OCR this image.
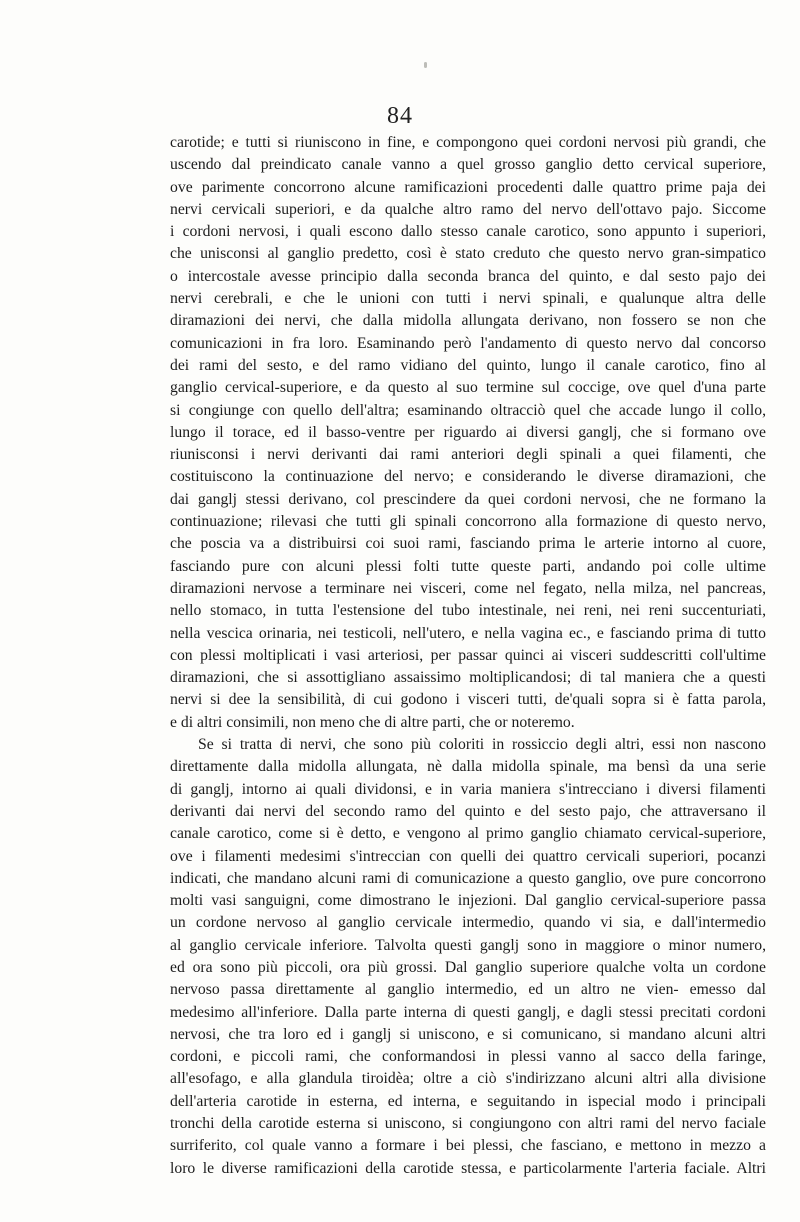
84
carotide; e tutti si riuniscono in fine, e compongono quei cordoni nervosi più grandi, che
uscendo dal preindicato canale vanno a quel grosso ganglio detto cervical superiore,
ove parimente concorrono alcune ramificazioni procedenti dalle quattro prime paja dei
nervi cervicali superiori, e da qualche altro ramo del nervo dell'ottavo pajo. Siccome
i cordoni nervosi, i quali escono dallo stesso canale carotico, sono appunto i superiori,
che unisconsi al ganglio predetto, così è stato creduto che questo nervo gran-simpatico
o intercostale avesse principio dalla seconda branca del quinto, e dal sesto pajo dei
nervi cerebrali, e che le unioni con tutti i nervi spinali, e qualunque altra delle
diramazioni dei nervi, che dalla midolla allungata derivano, non fossero se non che
comunicazioni in fra loro. Esaminando però l'andamento di questo nervo dal concorso
dei rami del sesto, e del ramo vidiano del quinto, lungo il canale carotico, fino al
ganglio cervical-superiore, e da questo al suo termine sul coccige, ove quel d'una parte
si congiunge con quello dell'altra; esaminando oltracciò quel che accade lungo il collo,
lungo il torace, ed il basso-ventre per riguardo ai diversi ganglj, che si formano ove
riunisconsi i nervi derivanti dai rami anteriori degli spinali a quei filamenti, che
costituiscono la continuazione del nervo; e considerando le diverse diramazioni, che
dai ganglj stessi derivano, col prescindere da quei cordoni nervosi, che ne formano la
continuazione; rilevasi che tutti gli spinali concorrono alla formazione di questo nervo,
che poscia va a distribuirsi coi suoi rami, fasciando prima le arterie intorno al cuore,
fasciando pure con alcuni plessi folti tutte queste parti, andando poi colle ultime
diramazioni nervose a terminare nei visceri, come nel fegato, nella milza, nel pancreas,
nello stomaco, in tutta l'estensione del tubo intestinale, nei reni, nei reni succenturiati,
nella vescica orinaria, nei testicoli, nell'utero, e nella vagina ec., e fasciando prima di tutto
con plessi moltiplicati i vasi arteriosi, per passar quinci ai visceri suddescritti coll'ultime
diramazioni, che si assottigliano assaissimo moltiplicandosi; di tal maniera che a questi
nervi si dee la sensibilità, di cui godono i visceri tutti, de'quali sopra si è fatta parola,
e di altri consimili, non meno che di altre parti, che or noteremo.
Se si tratta di nervi, che sono più coloriti in rossiccio degli altri, essi non nascono
direttamente dalla midolla allungata, nè dalla midolla spinale, ma bensì da una serie
di ganglj, intorno ai quali dividonsi, e in varia maniera s'intrecciano i diversi filamenti
derivanti dai nervi del secondo ramo del quinto e del sesto pajo, che attraversano il
canale carotico, come si è detto, e vengono al primo ganglio chiamato cervical-superiore,
ove i filamenti medesimi s'intreccian con quelli dei quattro cervicali superiori, pocanzi
indicati, che mandano alcuni rami di comunicazione a questo ganglio, ove pure concorrono
molti vasi sanguigni, come dimostrano le injezioni. Dal ganglio cervical-superiore passa
un cordone nervoso al ganglio cervicale intermedio, quando vi sia, e dall'intermedio
al ganglio cervicale inferiore. Talvolta questi ganglj sono in maggiore o minor numero,
ed ora sono più piccoli, ora più grossi. Dal ganglio superiore qualche volta un cordone
nervoso passa direttamente al ganglio intermedio, ed un altro ne vien- emesso dal
medesimo all'inferiore. Dalla parte interna di questi ganglj, e dagli stessi precitati cordoni
nervosi, che tra loro ed i ganglj si uniscono, e si comunicano, si mandano alcuni altri
cordoni, e piccoli rami, che conformandosi in plessi vanno al sacco della faringe,
all'esofago, e alla glandula tiroidèa; oltre a ciò s'indirizzano alcuni altri alla divisione
dell'arteria carotide in esterna, ed interna, e seguitando in ispecial modo i principali
tronchi della carotide esterna si uniscono, si congiungono con altri rami del nervo faciale
surriferito, col quale vanno a formare i bei plessi, che fasciano, e mettono in mezzo a
loro le diverse ramificazioni della carotide stessa, e particolarmente l'arteria faciale. Altri
